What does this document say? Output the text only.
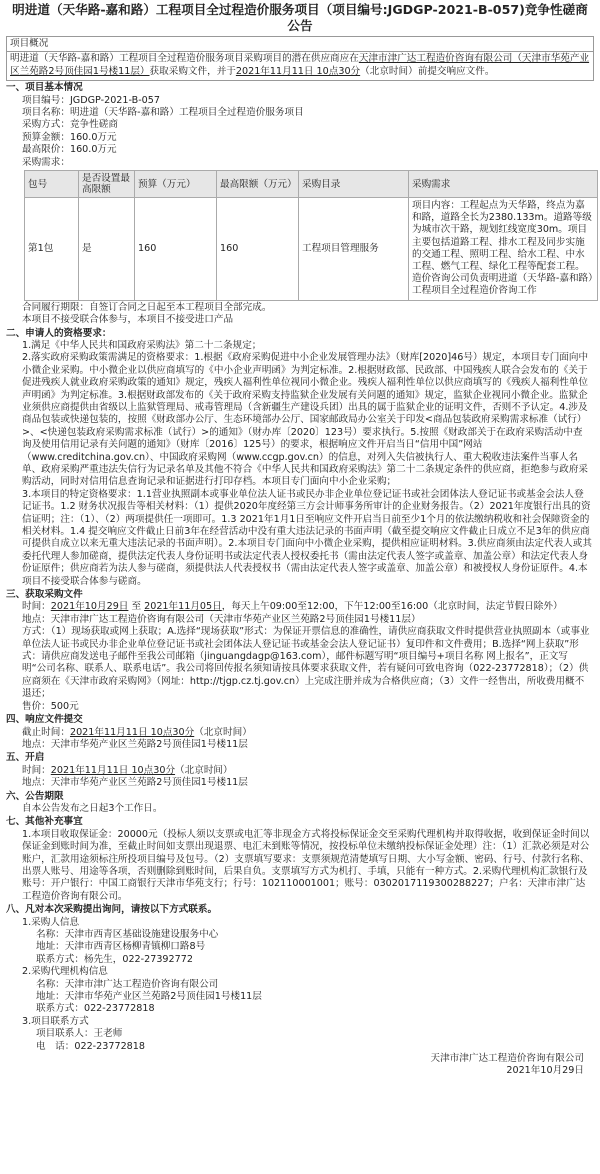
明进道（天华路-嘉和路）工程项目全过程造价服务项目（项目编号:JGDGP-2021-B-057)竞争性磋商
公告
项目概况
明进道（天华路-嘉和路）工程项目全过程造价服务项目采购项目的潜在供应商应在天津市津广达工程造价咨询有限公司（天津市华苑产业区兰苑路2号顶佳园1号楼11层）获取采购文件，并于2021年11月11日 10点30分（北京时间）前提交响应文件。
一、项目基本情况
项目编号：JGDGP-2021-B-057
项目名称：明进道（天华路-嘉和路）工程项目全过程造价服务项目
采购方式：竞争性磋商
预算金额：160.0万元
最高限价：160.0万元
采购需求：
包号	是否设置最高限额	预算（万元）	最高限额（万元）	采购目录	采购需求
第1包	是	160	160	工程项目管理服务	项目内容：工程起点为天华路，终点为嘉和路，道路全长为2380.133m。道路等级为城市次干路，规划红线宽度30m。项目主要包括道路工程、排水工程及同步实施的交通工程、照明工程、给水工程、中水工程、燃气工程、绿化工程等配套工程。造价咨询公司负责明进道（天华路-嘉和路）工程项目全过程造价咨询工作
合同履行期限：自签订合同之日起至本工程项目全部完成。
本项目不接受联合体参与，本项目不接受进口产品
二、申请人的资格要求：
1.满足《中华人民共和国政府采购法》第二十二条规定；
2.落实政府采购政策需满足的资格要求：1.根据《政府采购促进中小企业发展管理办法》（财库[2020]46号）规定，本项目专门面向中小微企业采购。中小微企业以供应商填写的《中小企业声明函》为判定标准。2.根据财政部、民政部、中国残疾人联合会发布的《关于促进残疾人就业政府采购政策的通知》规定，残疾人福利性单位视同小微企业。残疾人福利性单位以供应商填写的《残疾人福利性单位声明函》为判定标准。3.根据财政部发布的《关于政府采购支持监狱企业发展有关问题的通知》规定，监狱企业视同小微企业。监狱企业须供应商提供由省级以上监狱管理局、戒毒管理局（含新疆生产建设兵团）出具的属于监狱企业的证明文件，否则不予认定。4.涉及商品包装或快递包装的，按照《财政部办公厅、生态环境部办公厅、国家邮政局办公室关于印发<商品包装政府采购需求标准（试行）>、<快递包装政府采购需求标准（试行）>的通知》（财办库〔2020〕123号）要求执行。5.按照《财政部关于在政府采购活动中查询及使用信用记录有关问题的通知》（财库〔2016〕125号）的要求，根据响应文件开启当日“信用中国”网站（www.creditchina.gov.cn）、中国政府采购网（www.ccgp.gov.cn）的信息，对列入失信被执行人、重大税收违法案件当事人名单、政府采购严重违法失信行为记录名单及其他不符合《中华人民共和国政府采购法》第二十二条规定条件的供应商，拒绝参与政府采购活动，同时对信用信息查询记录和证据进行打印存档。本项目专门面向中小企业采购；
3.本项目的特定资格要求：1.1营业执照副本或事业单位法人证书或民办非企业单位登记证书或社会团体法人登记证书或基金会法人登记证书。1.2 财务状况报告等相关材料：（1）提供2020年度经第三方会计师事务所审计的企业财务报告。（2）2021年度银行出具的资信证明；注：（1）、（2）两项提供任一项即可。1.3 2021年1月1日至响应文件开启当日前至少1个月的依法缴纳税收和社会保障资金的相关材料。1.4 提交响应文件截止日前3年在经营活动中没有重大违法记录的书面声明（截至提交响应文件截止日成立不足3年的供应商可提供自成立以来无重大违法记录的书面声明）。2.本项目专门面向中小微企业采购，提供相应证明材料。3.供应商须由法定代表人或其委托代理人参加磋商，提供法定代表人身份证明书或法定代表人授权委托书（需由法定代表人签字或盖章、加盖公章）和法定代表人身份证原件；供应商若为法人参与磋商，须提供法人代表授权书（需由法定代表人签字或盖章、加盖公章）和被授权人身份证原件。4.本项目不接受联合体参与磋商。
三、获取采购文件
时间：2021年10月29日 至 2021年11月05日，每天上午09:00至12:00，下午12:00至16:00（北京时间，法定节假日除外）
地点：天津市津广达工程造价咨询有限公司（天津市华苑产业区兰苑路2号顶佳园1号楼11层）
方式：（1）现场获取或网上获取；A.选择“现场获取”形式：为保证开票信息的准确性，请供应商获取文件时提供营业执照副本（或事业单位法人证书或民办非企业单位登记证书或社会团体法人登记证书或基金会法人登记证书）复印件和文件费用；B.选择“网上获取”形式：请供应商发送电子邮件至我公司邮箱（jinguangdagp@163.com），邮件标题写明“项目编号+项目名称 网上报名”，正文写明“公司名称、联系人、联系电话”。我公司将回传报名须知请按具体要求获取文件，若有疑问可致电咨询（022-23772818）；（2）供应商须在《天津市政府采购网》（网址：http://tjgp.cz.tj.gov.cn）上完成注册并成为合格供应商；（3）文件一经售出，所收费用概不退还；
售价：500元
四、响应文件提交
截止时间：2021年11月11日 10点30分（北京时间）
地点：天津市华苑产业区兰苑路2号顶佳园1号楼11层
五、开启
时间：2021年11月11日 10点30分（北京时间）
地点：天津市华苑产业区兰苑路2号顶佳园1号楼11层
六、公告期限
自本公告发布之日起3个工作日。
七、其他补充事宜
1.本项目收取保证金：20000元（投标人须以支票或电汇等非现金方式将投标保证金交至采购代理机构并取得收据，收到保证金时间以保证金到账时间为准，至截止时间如支票出现退票、电汇未到账等情况，按投标单位未缴纳投标保证金处理）注：（1）汇款必须是对公账户，汇款用途须标注所投项目编号及包号。（2）支票填写要求：支票须规范清楚填写日期、大小写金额、密码、行号、付款行名称、出票人账号、用途等各项，否则删除到账时间，后果自负。支票填写方式为机打、手填，只能有一种方式。2.采购代理机构汇款银行及账号：开户银行：中国工商银行天津市华苑支行；行号：102110001001；账号：0302017119300288227；户名：天津市津广达工程造价咨询有限公司。
八、凡对本次采购提出询问，请按以下方式联系。
1.采购人信息
名称：天津市西青区基础设施建设服务中心
地址：天津市西青区杨柳青镇柳口路8号
联系方式：杨先生，022-27392772
2.采购代理机构信息
名称：天津市津广达工程造价咨询有限公司
地址：天津市华苑产业区兰苑路2号顶佳园1号楼11层
联系方式：022-23772818
3.项目联系方式
项目联系人：王老师
电　话：022-23772818
天津市津广达工程造价咨询有限公司
2021年10月29日
